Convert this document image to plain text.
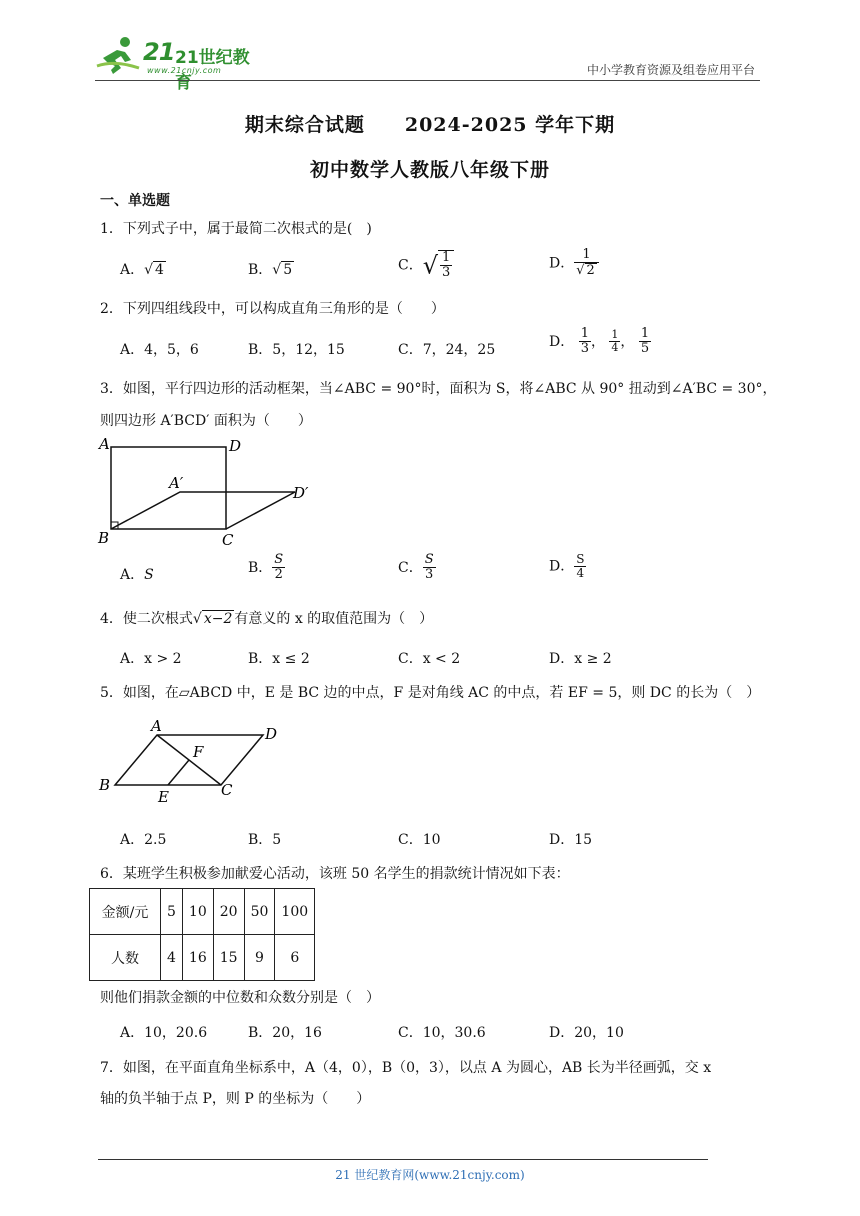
21 21世纪教育
www.21cnjy.com	中小学教育资源及组卷应用平台
期末综合试题　　2024-2025 学年下期
初中数学人教版八年级下册
一、单选题
1．下列式子中，属于最简二次根式的是(　)
A．√ 4	B．√ 5	C．√ $\frac{1}{3}$	D． $\frac{1}{√ 2}$
2．下列四组线段中，可以构成直角三角形的是（　　）
A．4，5，6	B．5，12，15	C．7，24，25
D． $\frac{1}{3}$ ， $\frac{1}{4}$ ， $\frac{1}{5}$
3．如图，平行四边形的活动框架，当∠ABC = 90°时，面积为 S，将∠ABC 从 90° 扭动到∠A′BC = 30°，
则四边形 A′BCD′ 面积为（　　）
A	D
A′
D′
B	C
A．S	B． $\frac{S}{2}$	C． $\frac{S}{3}$	D． $\frac{S}{4}$
4．使二次根式√ x−2 有意义的 x 的取值范围为（　）
A．x > 2	B．x ≤ 2	C．x < 2	D．x ≥ 2
5．如图，在▱ABCD 中，E 是 BC 边的中点，F 是对角线 AC 的中点，若 EF = 5，则 DC 的长为（　）
A	D
F
B
E	C
A．2.5	B．5	C．10	D．15
6．某班学生积极参加献爱心活动，该班 50 名学生的捐款统计情况如下表：
金额/元	5	10	20	50	100
人数	4	16	15	9	6
则他们捐款金额的中位数和众数分别是（　）
A．10，20.6	B．20，16	C．10，30.6	D．20，10
7．如图，在平面直角坐标系中，A（4，0），B（0，3），以点 A 为圆心，AB 长为半径画弧，交 x
轴的负半轴于点 P，则 P 的坐标为（　　）
21 世纪教育网(www.21cnjy.com)
